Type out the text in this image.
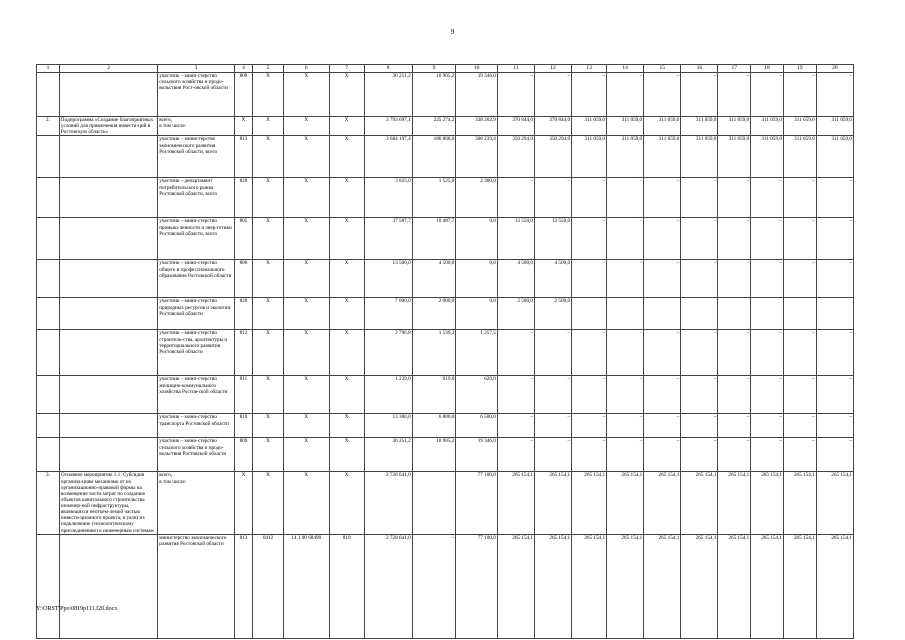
9
1	2	3	4	5	6	7	8	9	10	11	12	13	14	15	16	17	18	19	20
		участник – мини-стерство сельского хозяйства и продо-вольствия Рост-овской области	809	X	X	X	30 251,2	10 905,2	19 346,0	–	–	–	–	–	–	–	–	–	–
2.	Подпрограмма «Создание благоприятных условий для привлечения инвести-ций в Ростовскую область»	всего,
в том числе:	X	X	X	X	3 793 697,1	225 274,2	338 262,9	370 844,0	370 844,0	311 059,0	311 059,0	311 059,0	311 059,0	311 059,0	311 059,0	311 059,0	311 059,0
		участник – министерство экономического развития Ростовской области, всего	813	X	X	X	3 684 197,4	186 868,0	308 239,4	350 294,0	350 294,0	311 059,0	311 059,0	311 059,0	311 059,0	311 059,0	311 059,0	311 059,0	311 059,0
		участник – департамент потребительского рынка Ростовской области, всего	828	X	X	X	3 825,0	1 525,0	2 300,0	–	–	–	–	–	–	–	–	–	–
		участник – мини-стерство промыш-ленности и энер-гетики Ростовской области, всего	805	X	X	X	37 587,7	10 487,7	0,0	13 550,0	13 550,0	–	–	–	–	–	–	–	–
		участник – мини-стерство общего и профессионального образования Ростовской области	806	X	X	X	13 500,0	4 500,0	0,0	4 500,0	4 500,0	–	–	–	–	–	–	–	–
		участник – мини-стерство природных ресурсов и экологии Ростовской области	820	X	X	X	7 000,0	2 000,0	0,0	2 500,0	2 500,0								
		участник – мини-стерство строитель-ства, архитектуры и территориального развития Ростовской области	812	X	X	X	2 796,8	1 539,3	1 257,5	–	–	–	–	–	–	–	–	–	–
		участник – мини-стерство жилищно-коммунального хозяйства Ростов-ской области	811	X	X	X	1 239,0	619,0	620,0	–	–	–	–	–	–	–	–	–	–
		участник – мини-стерство транспорта Ростовской области	810	X	X	X	13 300,0	6 800,0	6 500,0	–	–	–	–	–	–	–	–	–	–
		участник – мини-стерство сельского хозяйства и продо-вольствия Ростовской области	809	X	X	X	30 251,2	10 905,2	19 346,0	–	–	–	–	–	–	–	–	–	–
3.	Основное мероприятие 1.1. Субсидия организа-циям механизмо от их организационно-правовой формы на возмещение части затрат по созданию объектов капитального строительства инженер-ной инфраструктуры, являющихся неотъем-лемой частью инвести-ционного проекта, и (или) их подключение (технологическому присоединению) к инженерным системам	всего,
в том числе:	X	X	X	X	2 728 641,0		77 100,0	265 154,1	265 154,1	265 154,1	265 154,1	265 154,1	265 154,1	265 154,1	265 154,1	265 154,1	265 154,1
		министерство экономического развития Ростовской области	813	0412	14 1 00 68490	810	2 728 641,0	–	77 100,0	265 154,1	265 154,1	265 154,1	265 154,1	265 154,1	265 154,1	265 154,1	265 154,1	265 154,1	265 154,1
Y:\ORST\Ppo\0819p111.f20.docx
